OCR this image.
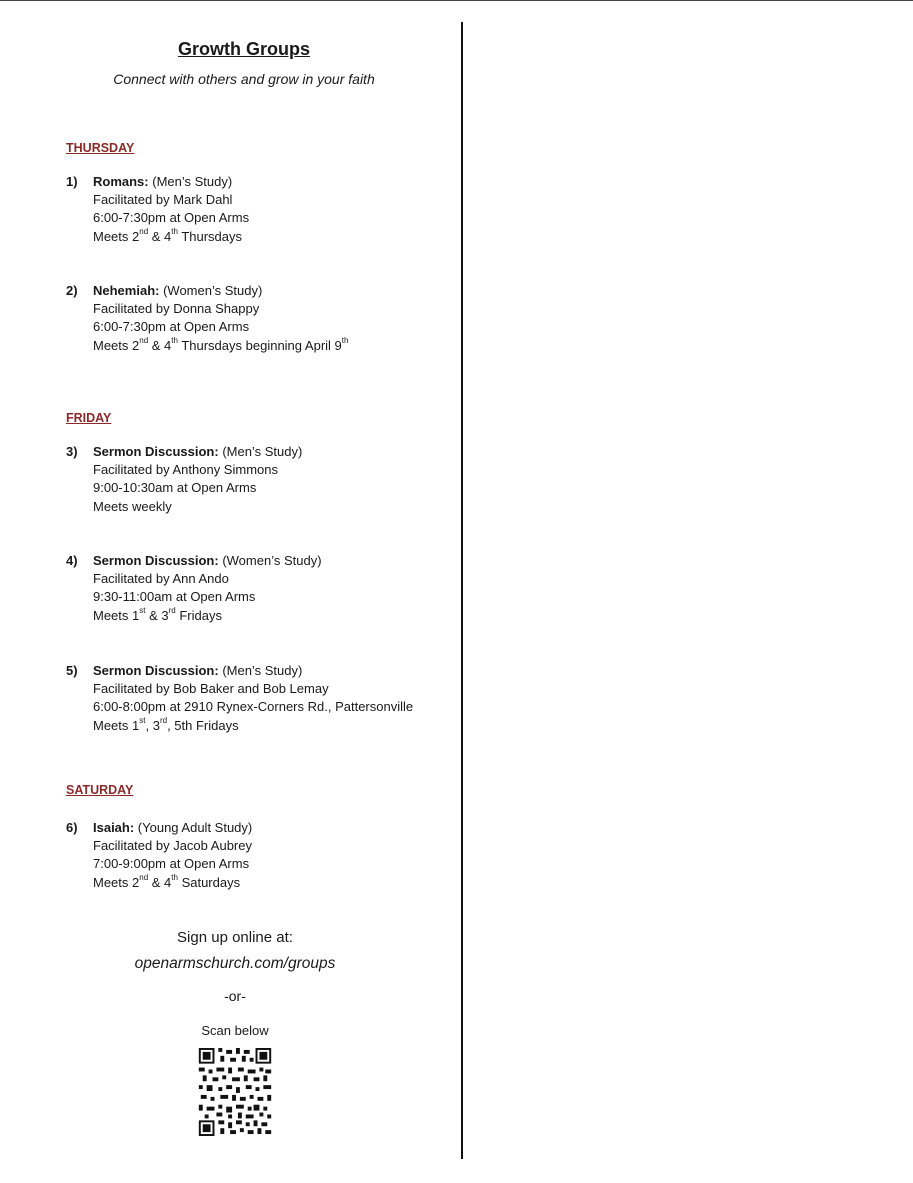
Growth Groups
Connect with others and grow in your faith
THURSDAY
1) Romans: (Men’s Study)
Facilitated by Mark Dahl
6:00-7:30pm at Open Arms
Meets 2nd & 4th Thursdays
2) Nehemiah: (Women’s Study)
Facilitated by Donna Shappy
6:00-7:30pm at Open Arms
Meets 2nd & 4th Thursdays beginning April 9th
FRIDAY
3) Sermon Discussion: (Men’s Study)
Facilitated by Anthony Simmons
9:00-10:30am at Open Arms
Meets weekly
4) Sermon Discussion: (Women’s Study)
Facilitated by Ann Ando
9:30-11:00am at Open Arms
Meets 1st & 3rd Fridays
5) Sermon Discussion: (Men’s Study)
Facilitated by Bob Baker and Bob Lemay
6:00-8:00pm at 2910 Rynex-Corners Rd., Pattersonville
Meets 1st, 3rd, 5th Fridays
SATURDAY
6) Isaiah: (Young Adult Study)
Facilitated by Jacob Aubrey
7:00-9:00pm at Open Arms
Meets 2nd & 4th Saturdays
Sign up online at:
openarmschurch.com/groups
-or-
Scan below
